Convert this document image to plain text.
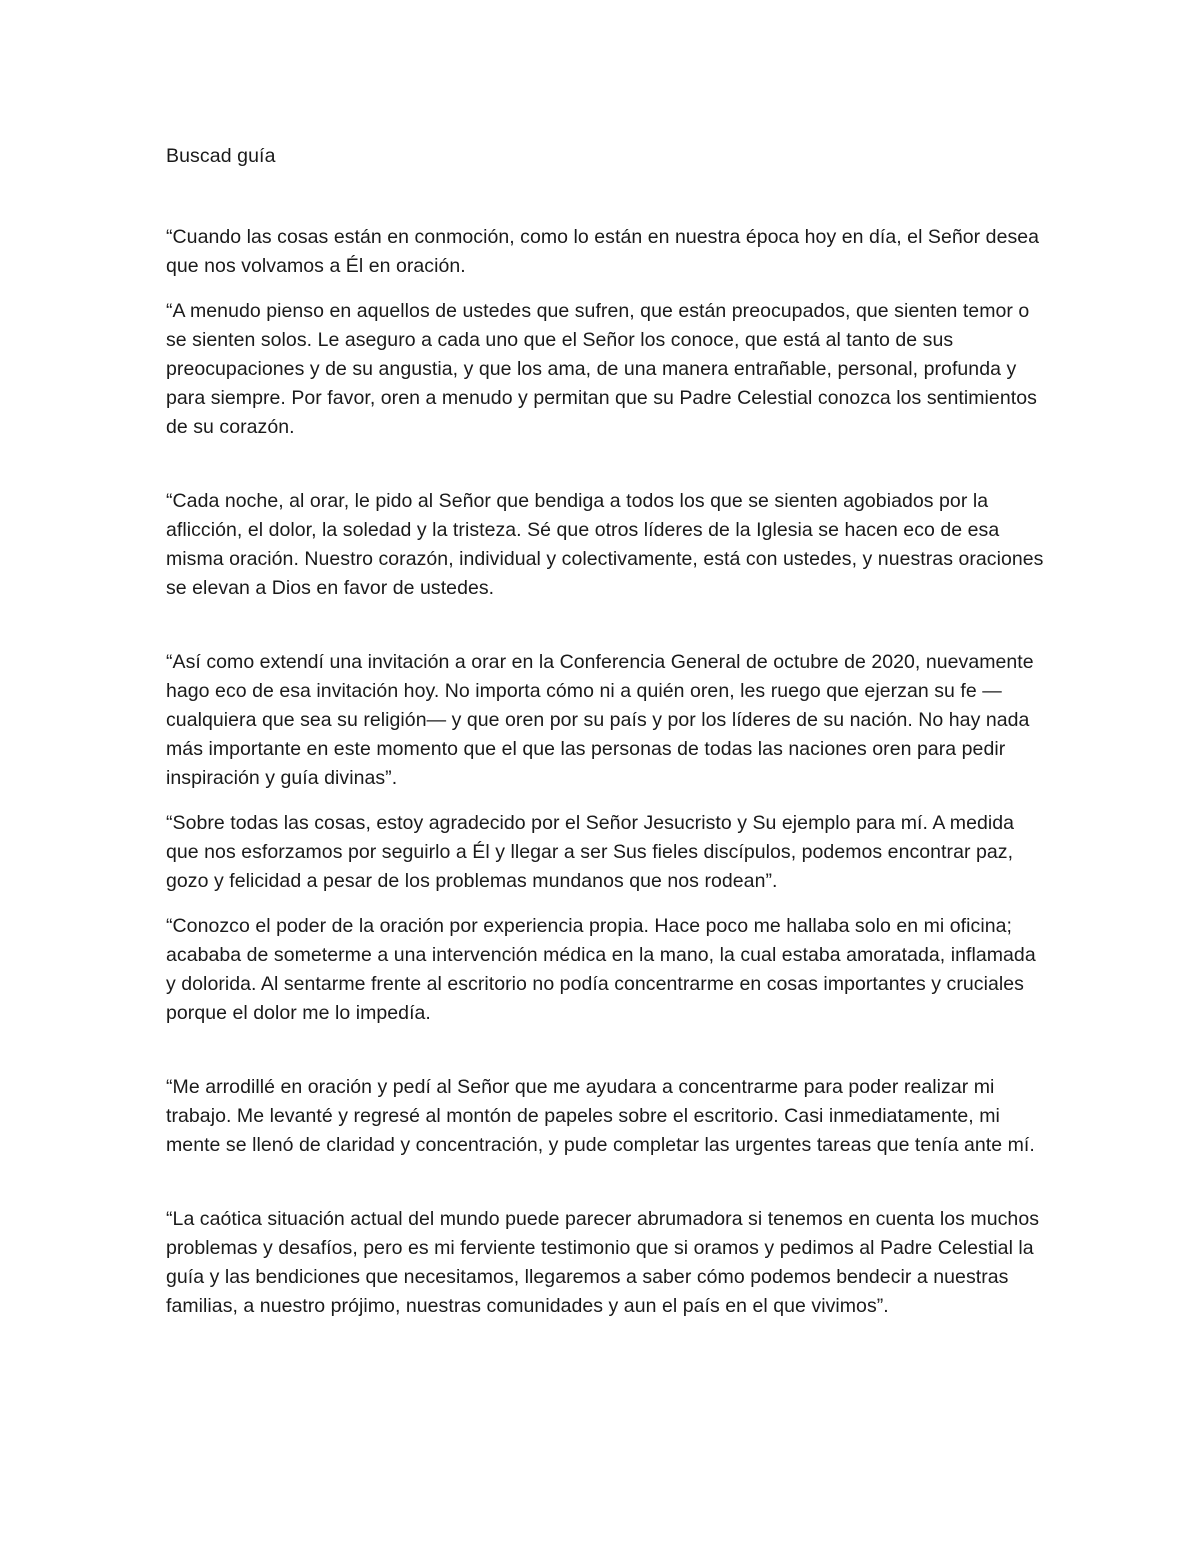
Buscad guía

“Cuando las cosas están en conmoción, como lo están en nuestra época hoy en día, el Señor desea que nos volvamos a Él en oración.

“A menudo pienso en aquellos de ustedes que sufren, que están preocupados, que sienten temor o se sienten solos. Le aseguro a cada uno que el Señor los conoce, que está al tanto de sus preocupaciones y de su angustia, y que los ama, de una manera entrañable, personal, profunda y para siempre. Por favor, oren a menudo y permitan que su Padre Celestial conozca los sentimientos de su corazón.

“Cada noche, al orar, le pido al Señor que bendiga a todos los que se sienten agobiados por la aflicción, el dolor, la soledad y la tristeza. Sé que otros líderes de la Iglesia se hacen eco de esa misma oración. Nuestro corazón, individual y colectivamente, está con ustedes, y nuestras oraciones se elevan a Dios en favor de ustedes.

“Así como extendí una invitación a orar en la Conferencia General de octubre de 2020, nuevamente hago eco de esa invitación hoy. No importa cómo ni a quién oren, les ruego que ejerzan su fe —cualquiera que sea su religión— y que oren por su país y por los líderes de su nación. No hay nada más importante en este momento que el que las personas de todas las naciones oren para pedir inspiración y guía divinas”.

“Sobre todas las cosas, estoy agradecido por el Señor Jesucristo y Su ejemplo para mí. A medida que nos esforzamos por seguirlo a Él y llegar a ser Sus fieles discípulos, podemos encontrar paz, gozo y felicidad a pesar de los problemas mundanos que nos rodean”.

“Conozco el poder de la oración por experiencia propia. Hace poco me hallaba solo en mi oficina; acababa de someterme a una intervención médica en la mano, la cual estaba amoratada, inflamada y dolorida. Al sentarme frente al escritorio no podía concentrarme en cosas importantes y cruciales porque el dolor me lo impedía.

“Me arrodillé en oración y pedí al Señor que me ayudara a concentrarme para poder realizar mi trabajo. Me levanté y regresé al montón de papeles sobre el escritorio. Casi inmediatamente, mi mente se llenó de claridad y concentración, y pude completar las urgentes tareas que tenía ante mí.

“La caótica situación actual del mundo puede parecer abrumadora si tenemos en cuenta los muchos problemas y desafíos, pero es mi ferviente testimonio que si oramos y pedimos al Padre Celestial la guía y las bendiciones que necesitamos, llegaremos a saber cómo podemos bendecir a nuestras familias, a nuestro prójimo, nuestras comunidades y aun el país en el que vivimos”.
